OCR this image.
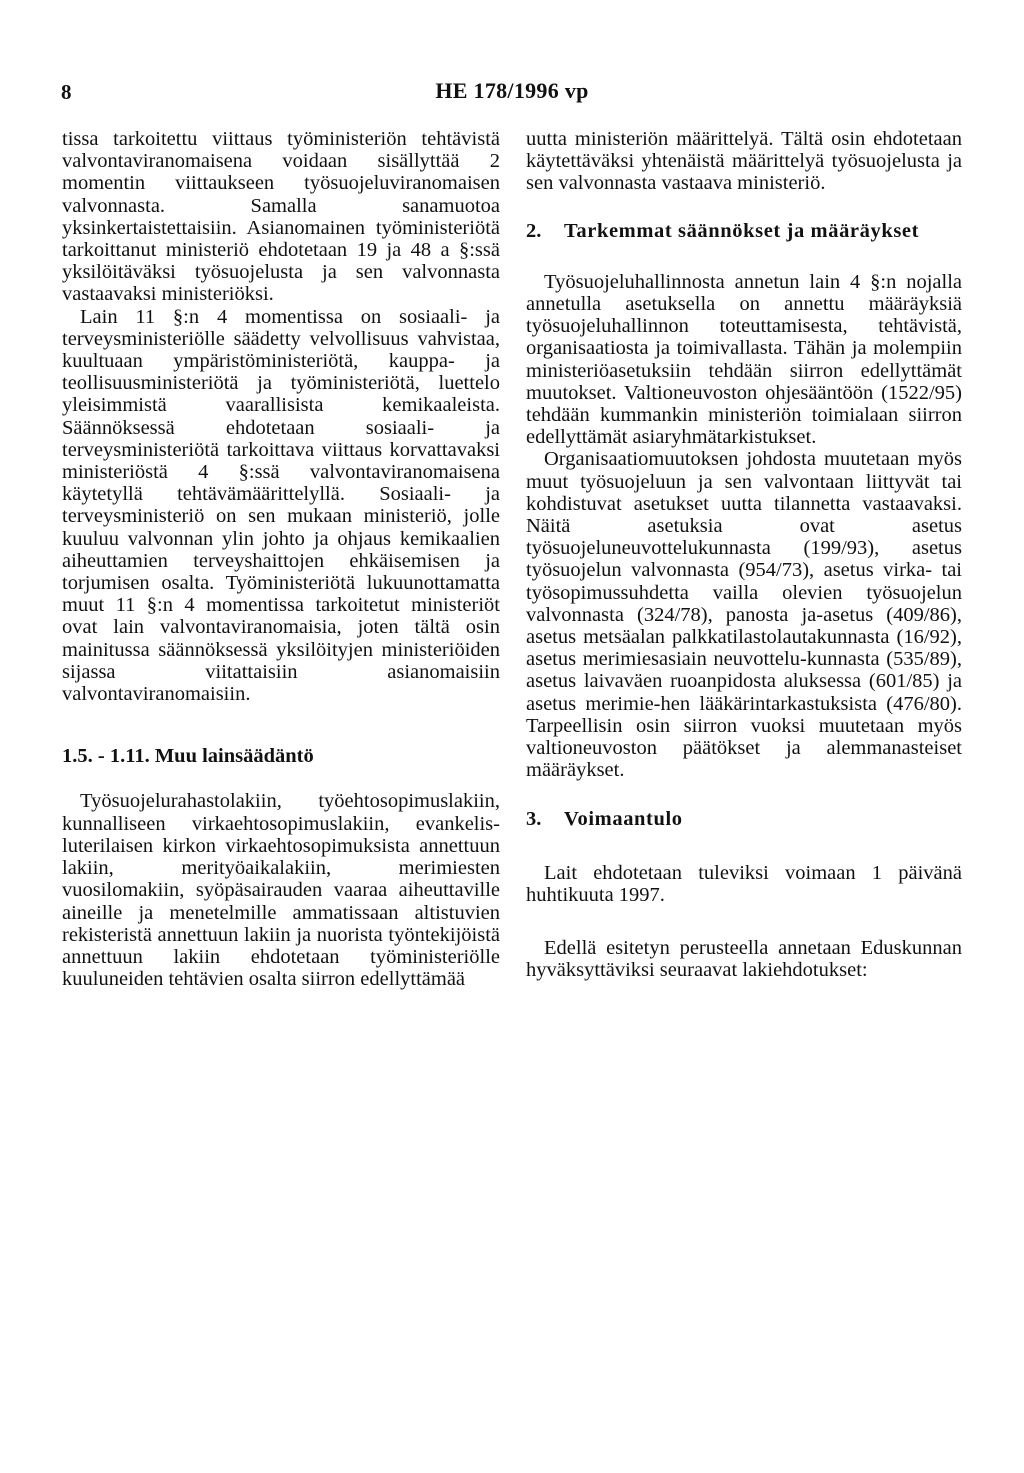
8	HE 178/1996 vp

tissa tarkoitettu viittaus työministeriön tehtävistä valvontaviranomaisena voidaan sisällyttää 2 momentin viittaukseen työsuojeluviranomaisen valvonnasta. Samalla sanamuotoa yksinkertaistettaisiin. Asianomainen työministeriötä tarkoittanut ministeriö ehdotetaan 19 ja 48 a §:ssä yksilöitäväksi työsuojelusta ja sen valvonnasta vastaavaksi ministeriöksi.

Lain 11 §:n 4 momentissa on sosiaali- ja terveysministeriölle säädetty velvollisuus vahvistaa, kuultuaan ympäristöministeriötä, kauppa- ja teollisuusministeriötä ja työministeriötä, luettelo yleisimmistä vaarallisista kemikaaleista. Säännöksessä ehdotetaan sosiaali- ja terveysministeriötä tarkoittava viittaus korvattavaksi ministeriöstä 4 §:ssä valvontaviranomaisena käytetyllä tehtävämäärittelyllä. Sosiaali- ja terveysministeriö on sen mukaan ministeriö, jolle kuuluu valvonnan ylin johto ja ohjaus kemikaalien aiheuttamien terveyshaittojen ehkäisemisen ja torjumisen osalta. Työministeriötä lukuunottamatta muut 11 §:n 4 momentissa tarkoitetut ministeriöt ovat lain valvontaviranomaisia, joten tältä osin mainitussa säännöksessä yksilöityjen ministeriöiden sijassa viitattaisiin asianomaisiin valvontaviranomaisiin.

1.5. - 1.11. Muu lainsäädäntö

Työsuojelurahastolakiin, työehtosopimuslakiin, kunnalliseen virkaehtosopimuslakiin, evankelis-luterilaisen kirkon virkaehtosopimuksista annettuun lakiin, merityöaikalakiin, merimiesten vuosilomakiin, syöpäsairauden vaaraa aiheuttaville aineille ja menetelmille ammatissaan altistuvien rekisteristä annettuun lakiin ja nuorista työntekijöistä annettuun lakiin ehdotetaan työministeriölle kuuluneiden tehtävien osalta siirron edellyttämää

uutta ministeriön määrittelyä. Tältä osin ehdotetaan käytettäväksi yhtenäistä määrittelyä työsuojelusta ja sen valvonnasta vastaava ministeriö.

2.	Tarkemmat säännökset ja määräykset

Työsuojeluhallinnosta annetun lain 4 §:n nojalla annetulla asetuksella on annettu määräyksiä työsuojeluhallinnon toteuttamisesta, tehtävistä, organisaatiosta ja toimivallasta. Tähän ja molempiin ministeriöasetuksiin tehdään siirron edellyttämät muutokset. Valtioneuvoston ohjesääntöön (1522/95) tehdään kummankin ministeriön toimialaan siirron edellyttämät asiaryhmätarkistukset.

Organisaatiomuutoksen johdosta muutetaan myös muut työsuojeluun ja sen valvontaan liittyvät tai kohdistuvat asetukset uutta tilannetta vastaavaksi. Näitä asetuksia ovat asetus työsuojeluneuvottelukunnasta (199/93), asetus työsuojelun valvonnasta (954/73), asetus virka- tai työsopimussuhdetta vailla olevien työsuojelun valvonnasta (324/78), panosta ja-asetus (409/86), asetus metsäalan palkkatilastolautakunnasta (16/92), asetus merimiesasiain neuvottelu-kunnasta (535/89), asetus laivaväen ruoanpidosta aluksessa (601/85) ja asetus merimie-hen lääkärintarkastuksista (476/80). Tarpeellisin osin siirron vuoksi muutetaan myös valtioneuvoston päätökset ja alemmanasteiset määräykset.

3.	Voimaantulo

Lait ehdotetaan tuleviksi voimaan 1 päivänä huhtikuuta 1997.

Edellä esitetyn perusteella annetaan Eduskunnan hyväksyttäviksi seuraavat lakiehdotukset:
